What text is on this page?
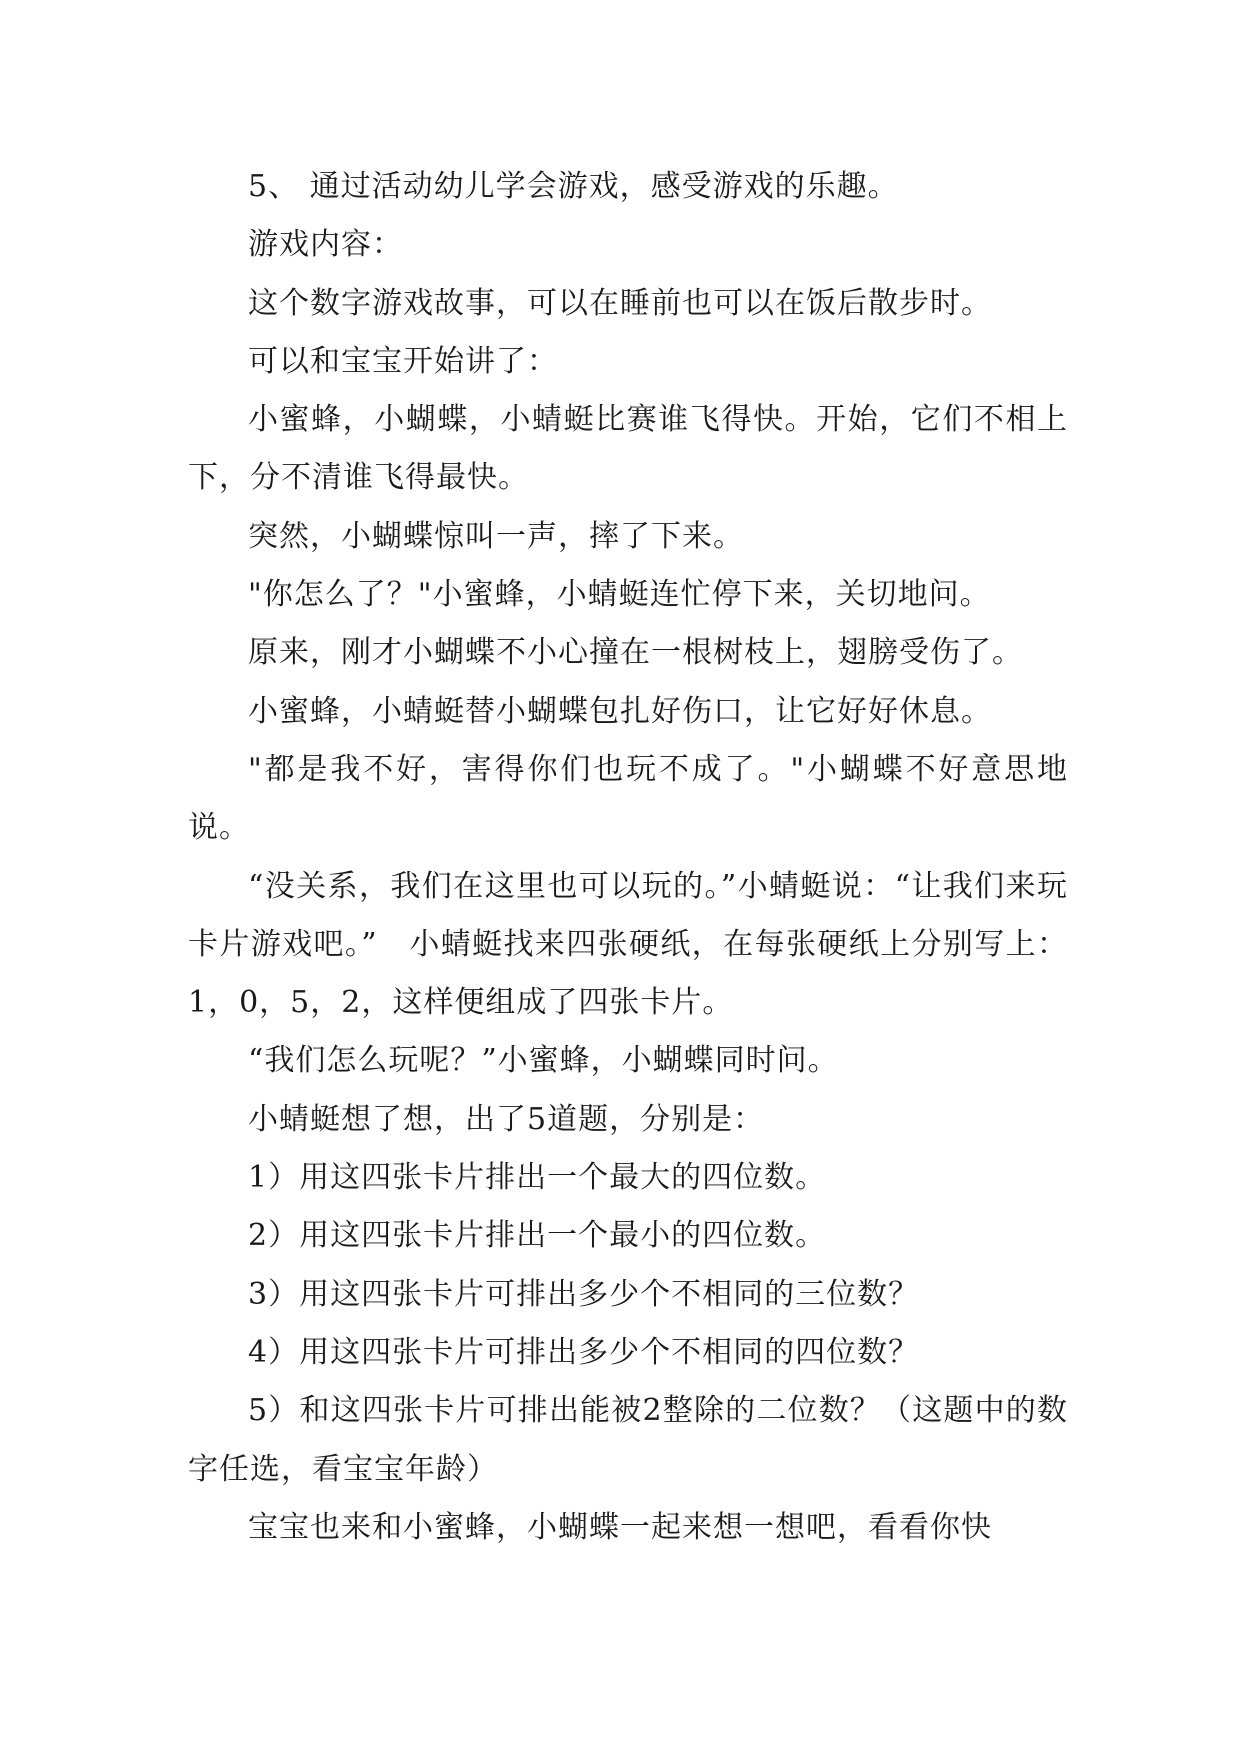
5、 通过活动幼儿学会游戏，感受游戏的乐趣。

游戏内容：

这个数字游戏故事，可以在睡前也可以在饭后散步时。

可以和宝宝开始讲了：

小蜜蜂，小蝴蝶，小蜻蜓比赛谁飞得快。开始，它们不相上下，分不清谁飞得最快。

突然，小蝴蝶惊叫一声，摔了下来。

"你怎么了？"小蜜蜂，小蜻蜓连忙停下来，关切地问。

原来，刚才小蝴蝶不小心撞在一根树枝上，翅膀受伤了。

小蜜蜂，小蜻蜓替小蝴蝶包扎好伤口，让它好好休息。

"都是我不好，害得你们也玩不成了。"小蝴蝶不好意思地说。

“没关系，我们在这里也可以玩的。”小蜻蜓说：“让我们来玩卡片游戏吧。”　小蜻蜓找来四张硬纸，在每张硬纸上分别写上：1，0，5，2，这样便组成了四张卡片。

“我们怎么玩呢？”小蜜蜂，小蝴蝶同时问。

小蜻蜓想了想，出了5道题，分别是：

1）用这四张卡片排出一个最大的四位数。

2）用这四张卡片排出一个最小的四位数。

3）用这四张卡片可排出多少个不相同的三位数？

4）用这四张卡片可排出多少个不相同的四位数？

5）和这四张卡片可排出能被2整除的二位数？（这题中的数字任选，看宝宝年龄）

宝宝也来和小蜜蜂，小蝴蝶一起来想一想吧，看看你快
